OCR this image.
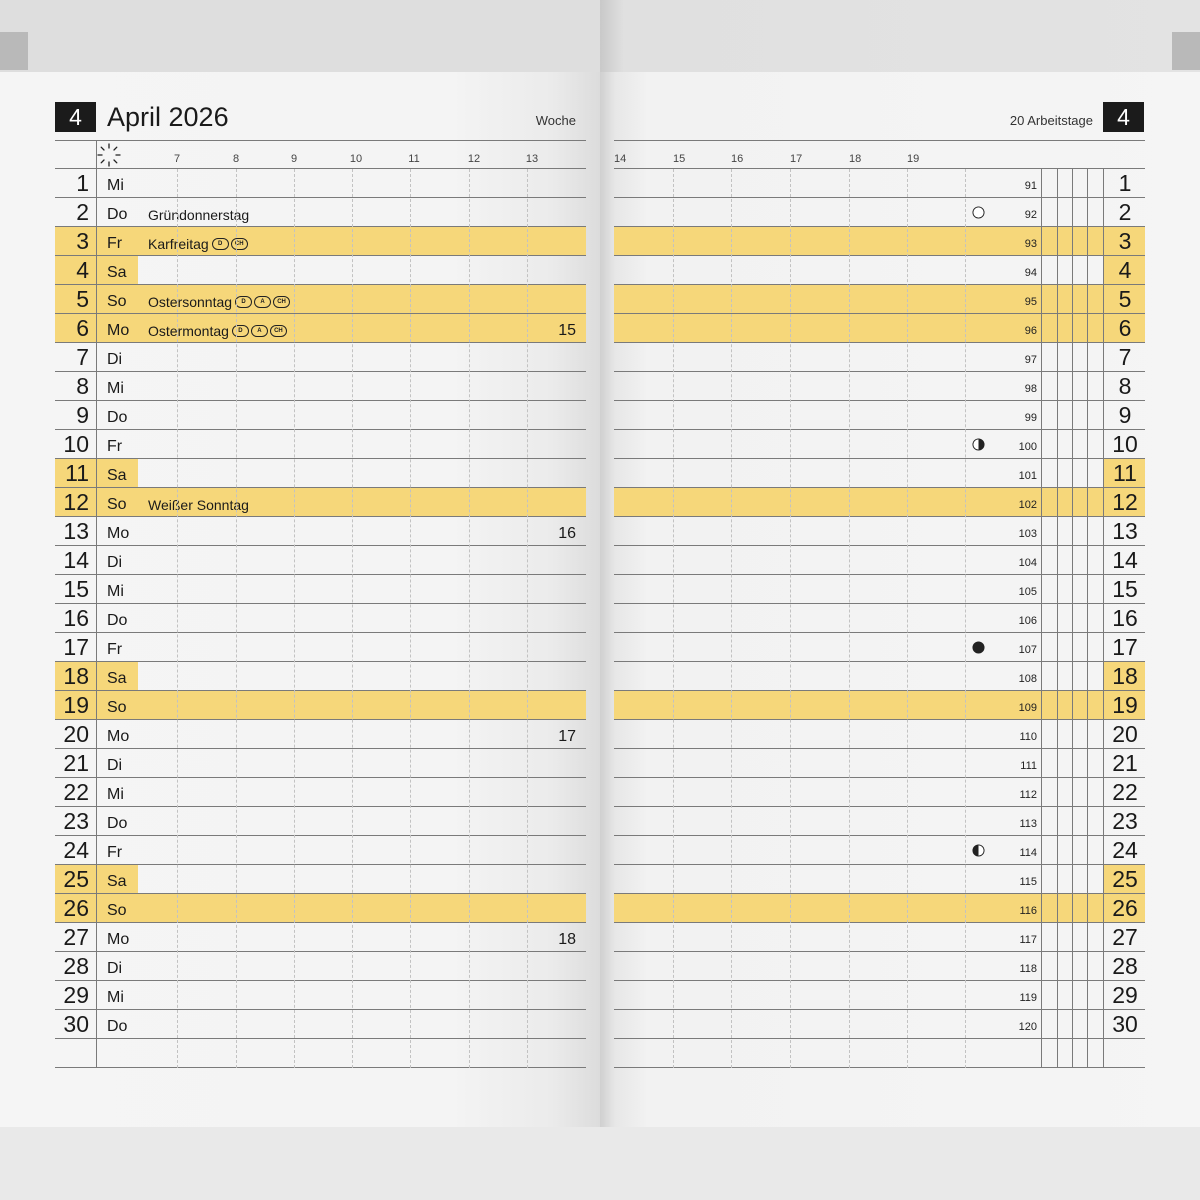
4 April 2026	Woche	20 Arbeitstage	4
7	8	9	10	11	12	13	14	15	16	17	18	19
1 Mi	91	1
2 Do Gründonnerstag	92	2
3 Fr Karfreitag	D	CH	93	3
4 Sa	94	4
5 So Ostersonntag	D	A	CH	95	5
6 Mo Ostermontag	D	A	CH	15	96	6
7 Di	97	7
8 Mi	98	8
9 Do	99	9
10 Fr	100	10
11 Sa	101	11
12 So Weißer Sonntag	102	12
13 Mo	16	103	13
14 Di	104	14
15 Mi	105	15
16 Do	106	16
17 Fr	107	17
18 Sa	108	18
19 So	109	19
20 Mo	17	110	20
21 Di	111	21
22 Mi	112	22
23 Do	113	23
24 Fr	114	24
25 Sa	115	25
26 So	116	26
27 Mo	18	117	27
28 Di	118	28
29 Mi	119	29
30 Do	120	30
